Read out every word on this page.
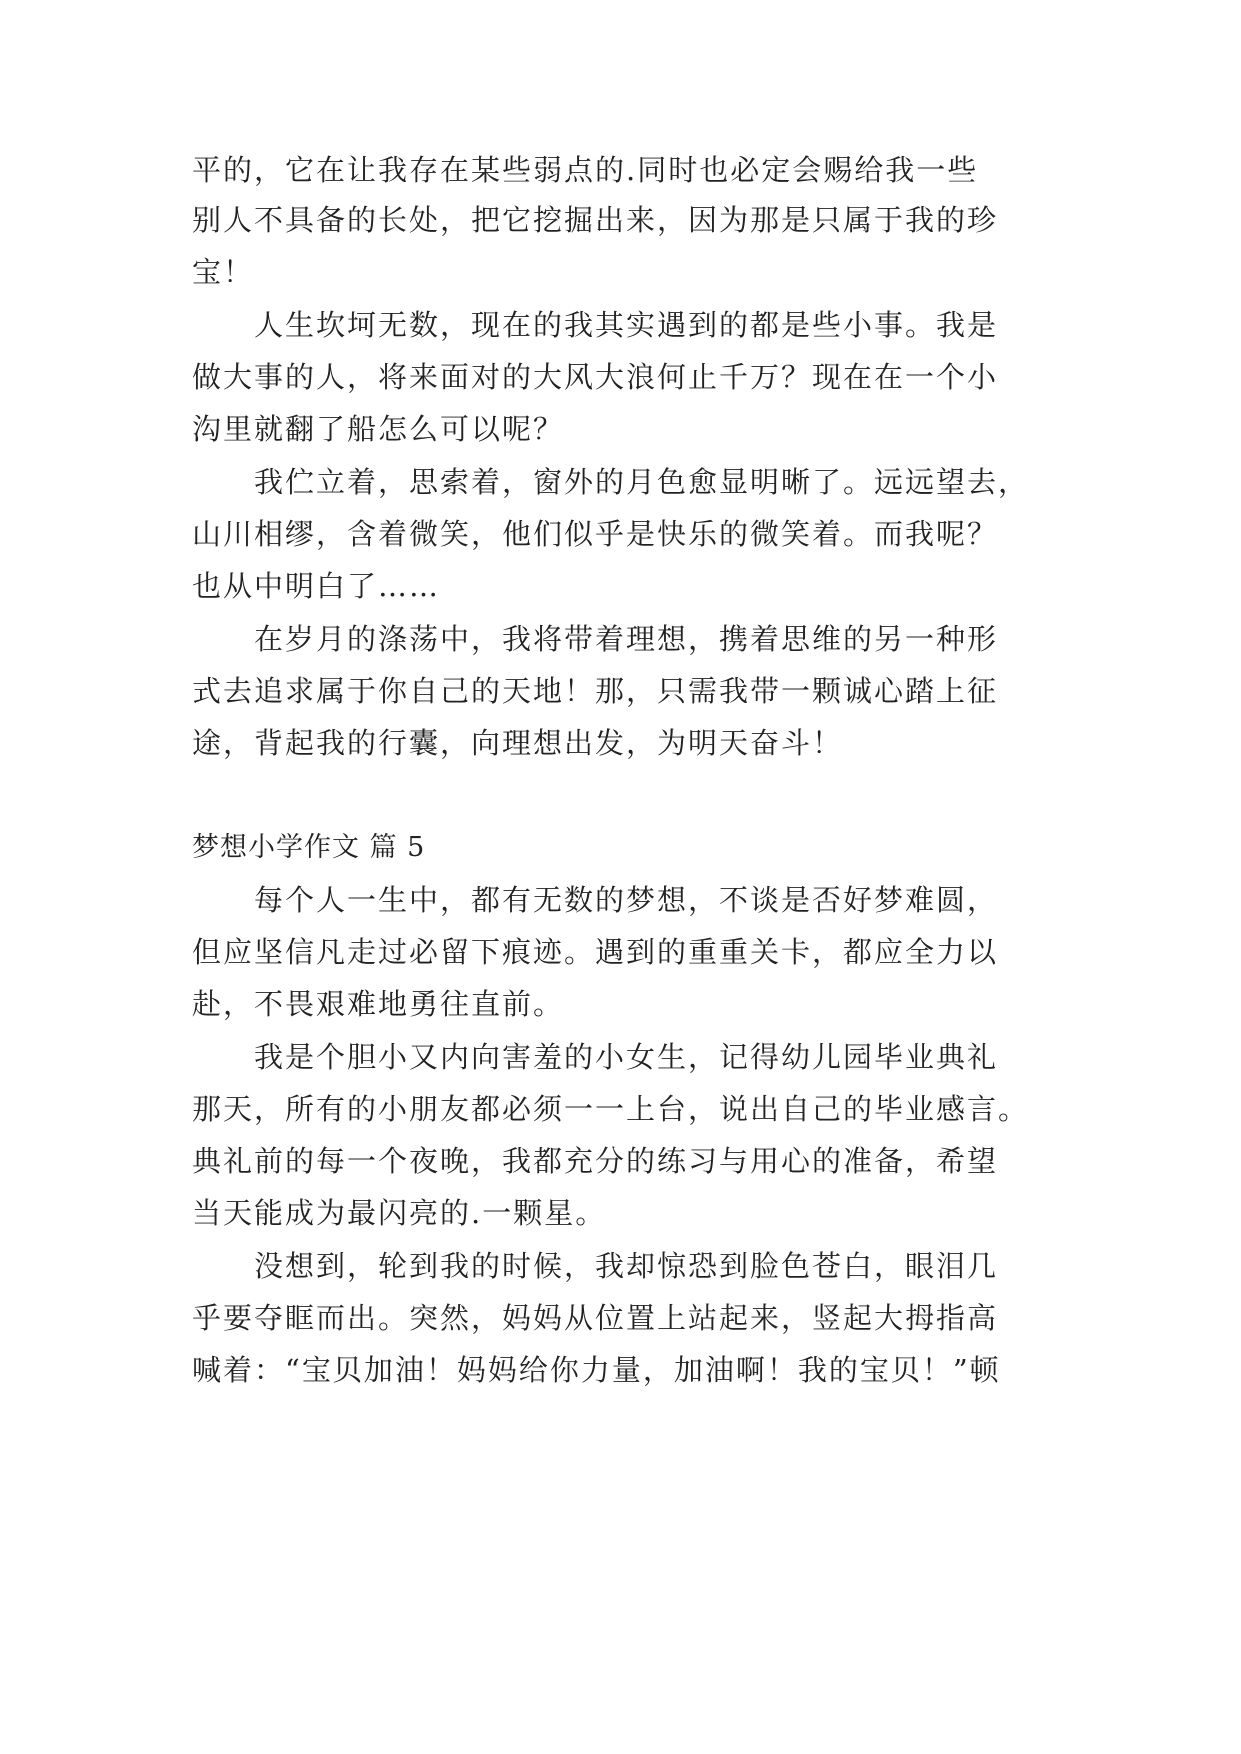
平的，它在让我存在某些弱点的.同时也必定会赐给我一些
别人不具备的长处，把它挖掘出来，因为那是只属于我的珍
宝！
人生坎坷无数，现在的我其实遇到的都是些小事。我是
做大事的人，将来面对的大风大浪何止千万？现在在一个小
沟里就翻了船怎么可以呢？
我伫立着，思索着，窗外的月色愈显明晰了。远远望去，
山川相缪，含着微笑，他们似乎是快乐的微笑着。而我呢？
也从中明白了……
在岁月的涤荡中，我将带着理想，携着思维的另一种形
式去追求属于你自己的天地！那，只需我带一颗诚心踏上征
途，背起我的行囊，向理想出发，为明天奋斗！
梦想小学作文 篇 5
每个人一生中，都有无数的梦想，不谈是否好梦难圆，
但应坚信凡走过必留下痕迹。遇到的重重关卡，都应全力以
赴，不畏艰难地勇往直前。
我是个胆小又内向害羞的小女生，记得幼儿园毕业典礼
那天，所有的小朋友都必须一一上台，说出自己的毕业感言。
典礼前的每一个夜晚，我都充分的练习与用心的准备，希望
当天能成为最闪亮的.一颗星。
没想到，轮到我的时候，我却惊恐到脸色苍白，眼泪几
乎要夺眶而出。突然，妈妈从位置上站起来，竖起大拇指高
喊着：“宝贝加油！妈妈给你力量，加油啊！我的宝贝！”顿
